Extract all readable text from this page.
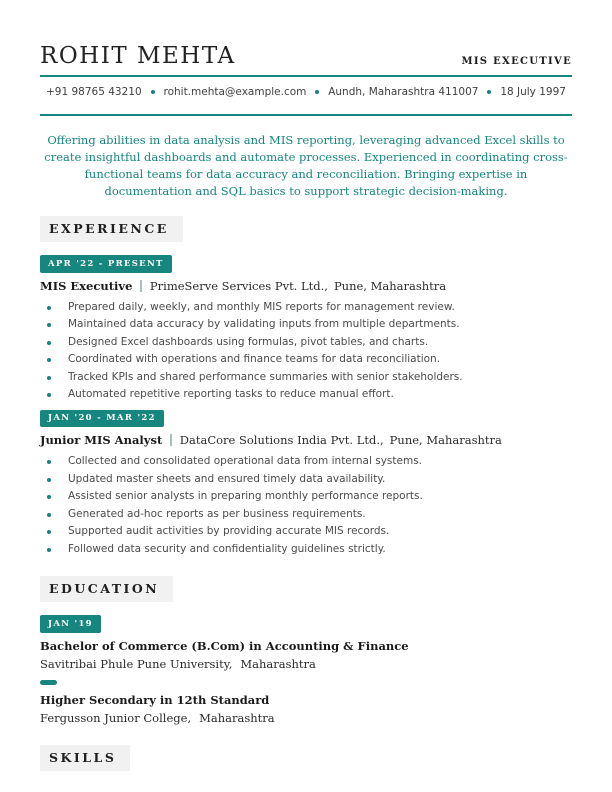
ROHIT MEHTA	MIS EXECUTIVE
+91 98765 43210 rohit.mehta@example.com Aundh, Maharashtra 411007 18 July 1997

Offering abilities in data analysis and MIS reporting, leveraging advanced Excel skills to create insightful dashboards and automate processes. Experienced in coordinating cross-functional teams for data accuracy and reconciliation. Bringing expertise in documentation and SQL basics to support strategic decision-making.

EXPERIENCE
APR '22 - PRESENT
MIS Executive PrimeServe Services Pvt. Ltd., Pune, Maharashtra
Prepared daily, weekly, and monthly MIS reports for management review.
Maintained data accuracy by validating inputs from multiple departments.
Designed Excel dashboards using formulas, pivot tables, and charts.
Coordinated with operations and finance teams for data reconciliation.
Tracked KPIs and shared performance summaries with senior stakeholders.
Automated repetitive reporting tasks to reduce manual effort.
JAN '20 - MAR '22
Junior MIS Analyst DataCore Solutions India Pvt. Ltd., Pune, Maharashtra
Collected and consolidated operational data from internal systems.
Updated master sheets and ensured timely data availability.
Assisted senior analysts in preparing monthly performance reports.
Generated ad-hoc reports as per business requirements.
Supported audit activities by providing accurate MIS records.
Followed data security and confidentiality guidelines strictly.
EDUCATION
JAN '19
Bachelor of Commerce (B.Com) in Accounting & Finance
Savitribai Phule Pune University, Maharashtra
Higher Secondary in 12th Standard
Fergusson Junior College, Maharashtra
SKILLS
